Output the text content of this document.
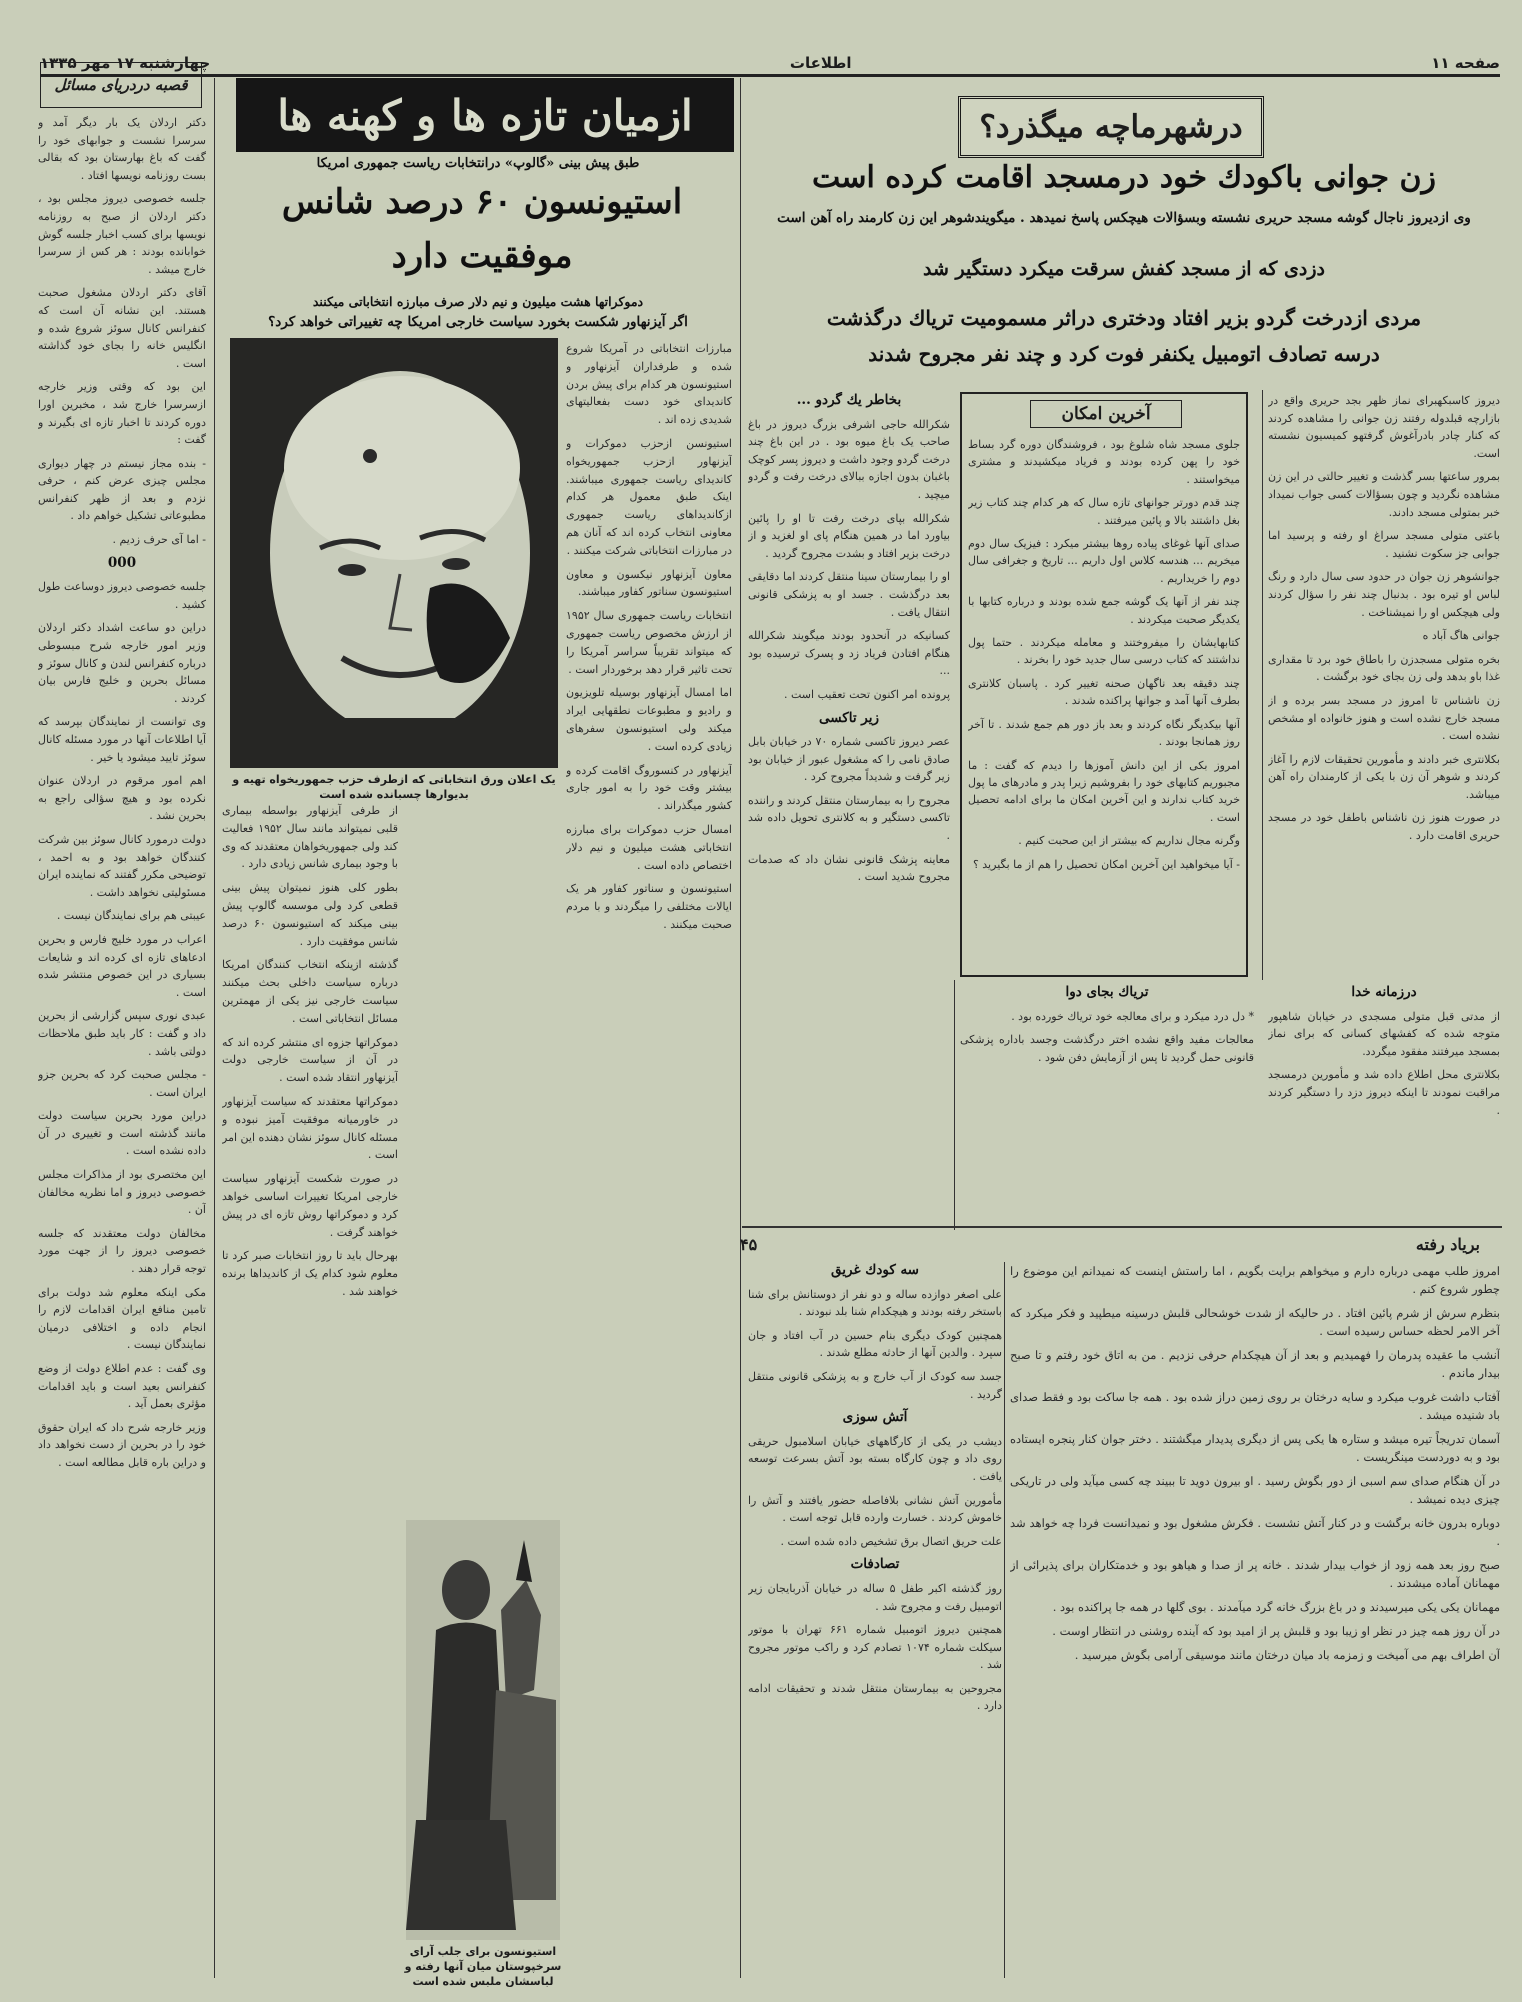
چهارشنبه ۱۷ مهر ۱۳۳۵	اطلاعات	صفحه ۱۱
قصبه دردریای مسائل

دکتر اردلان یک بار دیگر آمد و سرسرا نشست و جوابهای خود را گفت که باغ بهارستان بود که بقالی بست روزنامه نویسها افتاد .

جلسه خصوصی دیروز مجلس بود ، دکتر اردلان از صبح به روزنامه نویسها برای کسب اخبار جلسه گوش خوابانده بودند : هر کس از سرسرا خارج میشد .

آقای دکتر اردلان مشغول صحبت هستند. این نشانه آن است که کنفرانس کانال سوئز شروع شده و انگلیس خانه را بجای خود گذاشته است .

این بود که وقتی وزیر خارجه ازسرسرا خارج شد ، مخبرین اورا دوره کردند تا اخبار تازه ای بگیرند و گفت :

- بنده مجاز نیستم در چهار دیواری مجلس چیزی عرض کنم ، حرفی نزدم و بعد از ظهر کنفرانس مطبوعاتی تشکیل خواهم داد .

- اما آی حرف زدیم .

000

جلسه خصوصی دیروز دوساعت طول کشید .

دراین دو ساعت اشداد دکتر اردلان وزیر امور خارجه شرح مبسوطی درباره کنفرانس لندن و کانال سوئز و مسائل بحرین و خلیج فارس بیان کردند .

وی توانست از نمایندگان بپرسد که آیا اطلاعات آنها در مورد مسئله کانال سوئز تایید میشود یا خیر .

اهم امور مرقوم در اردلان عنوان نکرده بود و هیچ سؤالی راجع به بحرین نشد .

دولت درمورد کانال سوئز بین شرکت کنندگان خواهد بود و به احمد ، توضیحی مکرر گفتند که نماینده ایران مسئولیتی نخواهد داشت .

عیبتی هم برای نمایندگان نیست .

اعراب در مورد خلیج فارس و بحرین ادعاهای تازه ای کرده اند و شایعات بسیاری در این خصوص منتشر شده است .

عبدی نوری سپس گزارشی از بحرین داد و گفت : کار باید طبق ملاحظات دولتی باشد .

- مجلس صحبت کرد که بحرین جزو ایران است .

دراین مورد بحرین سیاست دولت مانند گذشته است و تغییری در آن داده نشده است .

این مختصری بود از مذاکرات مجلس خصوصی دیروز و اما نظریه مخالفان آن .

مخالفان دولت معتقدند که جلسه خصوصی دیروز را از جهت مورد توجه قرار دهند .

مکی اینکه معلوم شد دولت برای تامین منافع ایران اقدامات لازم را انجام داده و اختلافی درمیان نمایندگان نیست .

وی گفت : عدم اطلاع دولت از وضع کنفرانس بعید است و باید اقدامات مؤثری بعمل آید .

وزیر خارجه شرح داد که ایران حقوق خود را در بحرین از دست نخواهد داد و دراین باره قابل مطالعه است .

ازمیان تازه ها و کهنه ها
طبق پیش بینی «گالوپ» درانتخابات ریاست جمهوری امریکا
استیونسون ۶۰ درصد شانس
موفقیت دارد
دموکراتها هشت میلیون و نیم دلار صرف مبارزه انتخاباتی میکنند
اگر آیزنهاور شکست بخورد سیاست خارجی امریکا چه تغییراتی خواهد کرد؟
یک اعلان ورق انتخاباتی که ازطرف حزب جمهوریخواه تهیه و بدیوارها چسبانده شده است

مبارزات انتخاباتی در آمریکا شروع شده و طرفداران آیزنهاور و استیونسون هر کدام برای پیش بردن کاندیدای خود دست بفعالیتهای شدیدی زده اند .

استیونسن ازحزب دموکرات و آیزنهاور ازحزب جمهوریخواه کاندیدای ریاست جمهوری میباشند. اینک طبق معمول هر کدام ازکاندیداهای ریاست جمهوری معاونی انتخاب کرده اند که آنان هم در مبارزات انتخاباتی شرکت میکنند .

معاون آیزنهاور نیکسون و معاون استیونسون سناتور کفاور میباشند.

انتخابات ریاست جمهوری سال ۱۹۵۲ از ارزش مخصوص ریاست جمهوری که میتواند تقریباً سراسر آمریکا را تحت تاثیر قرار دهد برخوردار است .

اما امسال آیزنهاور بوسیله تلویزیون و رادیو و مطبوعات نطقهایی ایراد میکند ولی استیونسون سفرهای زیادی کرده است .

آیزنهاور در کنسوروگ اقامت کرده و بیشتر وقت خود را به امور جاری کشور میگذراند .

امسال حزب دموکرات برای مبارزه انتخاباتی هشت میلیون و نیم دلار اختصاص داده است .

استیونسون و سناتور کفاور هر یک ایالات مختلفی را میگردند و با مردم صحبت میکنند .

از طرفی آیزنهاور بواسطه بیماری قلبی نمیتواند مانند سال ۱۹۵۲ فعالیت کند ولی جمهوریخواهان معتقدند که وی با وجود بیماری شانس زیادی دارد .

بطور کلی هنوز نمیتوان پیش بینی قطعی کرد ولی موسسه گالوپ پیش بینی میکند که استیونسون ۶۰ درصد شانس موفقیت دارد .

گذشته ازینکه انتخاب کنندگان امریکا درباره سیاست داخلی بحث میکنند سیاست خارجی نیز یکی از مهمترین مسائل انتخاباتی است .

دموکراتها جزوه ای منتشر کرده اند که در آن از سیاست خارجی دولت آیزنهاور انتقاد شده است .

دموکراتها معتقدند که سیاست آیزنهاور در خاورمیانه موفقیت آمیز نبوده و مسئله کانال سوئز نشان دهنده این امر است .

در صورت شکست آیزنهاور سیاست خارجی امریکا تغییرات اساسی خواهد کرد و دموکراتها روش تازه ای در پیش خواهند گرفت .

بهرحال باید تا روز انتخابات صبر کرد تا معلوم شود کدام یک از کاندیداها برنده خواهند شد .

استیونسون برای جلب آرای سرخپوستان میان آنها رفته و لباسشان ملبس شده است
درشهرماچه میگذرد؟
زن جوانی باکودك خود درمسجد اقامت کرده است
وی ازدیروز ناجال گوشه مسجد حریری نشسته وبسؤالات هیچکس پاسخ نمیدهد . میگویندشوهر این زن کارمند راه آهن است
دزدی که از مسجد کفش سرقت میکرد دستگیر شد
مردی ازدرخت گردو بزیر افتاد ودختری دراثر مسمومیت تریاك درگذشت
درسه تصادف اتومبیل یکنفر فوت کرد و چند نفر مجروح شدند

دیروز کاسبکهبرای نماز ظهر بجد حریری واقع در بازارچه قبلدوله رفتند زن جوانی را مشاهده کردند که کنار چادر بادرآغوش گرفتهو کمیسیون نشسته است.

بمرور ساعتها بسر گذشت و تغییر حالتی در این زن مشاهده نگردید و چون بسؤالات کسی جواب نمیداد خبر بمتولی مسجد دادند.

باعتی متولی مسجد سراغ او رفته و پرسید اما جوابی جز سکوت نشنید .

جوانشوهر زن جوان در حدود سی سال دارد و رنگ لباس او تیره بود . بدنبال چند نفر را سؤال کردند ولی هیچکس او را نمیشناخت .

جوانی هاگ آباد ه

بخره متولی مسجدزن را باطاق خود برد تا مقداری غذا باو بدهد ولی زن بجای خود برگشت .

زن ناشناس تا امروز در مسجد بسر برده و از مسجد خارج نشده است و هنوز خانواده او مشخص نشده است .

بکلانتری خبر دادند و مأمورین تحقیقات لازم را آغاز کردند و شوهر آن زن با یکی از کارمندان راه آهن میباشد.

در صورت هنوز زن ناشناس باطفل خود در مسجد حریری اقامت دارد .

درزمانه خدا

از مدتی قبل متولی مسجدی در خیابان شاهپور متوجه شده که کفشهای کسانی که برای نماز بمسجد میرفتند مفقود میگردد.

بکلانتری محل اطلاع داده شد و مأمورین درمسجد مراقبت نمودند تا اینکه دیروز دزد را دستگیر کردند .

آخرین امکان

جلوی مسجد شاه شلوغ بود ، فروشندگان دوره گرد بساط خود را پهن کرده بودند و فریاد میکشیدند و مشتری میخواستند .

چند قدم دورتر جوانهای تازه سال که هر کدام چند کتاب زیر بغل داشتند بالا و پائین میرفتند .

صدای آنها غوغای پیاده روها بیشتر میکرد : فیزیک سال دوم میخریم ... هندسه کلاس اول داریم ... تاریخ و جغرافی سال دوم را خریداریم .

چند نفر از آنها یک گوشه جمع شده بودند و درباره کتابها با یکدیگر صحبت میکردند .

کتابهایشان را میفروختند و معامله میکردند . حتما پول نداشتند که کتاب درسی سال جدید خود را بخرند .

چند دقیقه بعد ناگهان صحنه تغییر کرد . پاسبان کلانتری بطرف آنها آمد و جوانها پراکنده شدند .

آنها بیکدیگر نگاه کردند و بعد باز دور هم جمع شدند . تا آخر روز همانجا بودند .

امروز بکی از این دانش آموزها را دیدم که گفت : ما مجبوریم کتابهای خود را بفروشیم زیرا پدر و مادرهای ما پول خرید کتاب ندارند و این آخرین امکان ما برای ادامه تحصیل است .

وگرنه مجال نداریم که بیشتر از این صحبت کنیم .

- آیا میخواهید این آخرین امکان تحصیل را هم از ما بگیرید ؟

تریاك بجای دوا

* دل درد میکرد و برای معالجه خود تریاك خورده بود .

معالجات مفید واقع نشده اختر درگذشت وجسد باداره پزشکی قانونی حمل گردید تا پس از آزمایش دفن شود .

بخاطر یك گردو ...

شکرالله حاجی اشرفی بزرگ دیروز در باغ صاحب یک باغ میوه بود . در این باغ چند درخت گردو وجود داشت و دیروز پسر کوچک باغبان بدون اجازه ببالای درخت رفت و گردو میچید .

شکرالله بپای درخت رفت تا او را پائین بیاورد اما در همین هنگام پای او لغزید و از درخت بزیر افتاد و بشدت مجروح گردید .

او را بیمارستان سینا منتقل کردند اما دقایقی بعد درگذشت . جسد او به پزشکی قانونی انتقال یافت .

کسانیکه در آنحدود بودند میگویند شکرالله هنگام افتادن فریاد زد و پسرک ترسیده بود ...

پرونده امر اکنون تحت تعقیب است .

زیر تاکسی

عصر دیروز تاکسی شماره ۷۰ در خیابان بابل صادق نامی را که مشغول عبور از خیابان بود زیر گرفت و شدیداً مجروح کرد .

مجروح را به بیمارستان منتقل کردند و راننده تاکسی دستگیر و به کلانتری تحویل داده شد .

معاینه پزشک قانونی نشان داد که صدمات مجروح شدید است .

بریاد رفته
۴۵

امروز طلب مهمی درباره دارم و میخواهم برایت بگویم ، اما راستش اینست که نمیدانم این موضوع را چطور شروع کنم .

بنظرم سرش از شرم پائین افتاد . در حالیکه از شدت خوشحالی قلبش درسینه میطپید و فکر میکرد که آخر الامر لحظه حساس رسیده است .

آنشب ما عقیده پدرمان را فهمیدیم و بعد از آن هیچکدام حرفی نزدیم . من به اتاق خود رفتم و تا صبح بیدار ماندم .

آفتاب داشت غروب میکرد و سایه درختان بر روی زمین دراز شده بود . همه جا ساکت بود و فقط صدای باد شنیده میشد .

آسمان تدریجاً تیره میشد و ستاره ها یکی پس از دیگری پدیدار میگشتند . دختر جوان کنار پنجره ایستاده بود و به دوردست مینگریست .

در آن هنگام صدای سم اسبی از دور بگوش رسید . او بیرون دوید تا ببیند چه کسی میآید ولی در تاریکی چیزی دیده نمیشد .

دوباره بدرون خانه برگشت و در کنار آتش نشست . فکرش مشغول بود و نمیدانست فردا چه خواهد شد .

صبح روز بعد همه زود از خواب بیدار شدند . خانه پر از صدا و هیاهو بود و خدمتکاران برای پذیرائی از مهمانان آماده میشدند .

مهمانان یکی یکی میرسیدند و در باغ بزرگ خانه گرد میآمدند . بوی گلها در همه جا پراکنده بود .

در آن روز همه چیز در نظر او زیبا بود و قلبش پر از امید بود که آینده روشنی در انتظار اوست .

آن اطراف بهم می آمیخت و زمزمه باد میان درختان مانند موسیقی آرامی بگوش میرسید .

سه کودك غریق

علی اصغر دوازده ساله و دو نفر از دوستانش برای شنا باستخر رفته بودند و هیچکدام شنا بلد نبودند .

همچنین کودک دیگری بنام حسین در آب افتاد و جان سپرد . والدین آنها از حادثه مطلع شدند .

جسد سه کودک از آب خارج و به پزشکی قانونی منتقل گردید .

آتش سوزی

دیشب در یکی از کارگاههای خیابان اسلامبول حریقی روی داد و چون کارگاه بسته بود آتش بسرعت توسعه یافت .

مأمورین آتش نشانی بلافاصله حضور یافتند و آتش را خاموش کردند . خسارت وارده قابل توجه است .

علت حریق اتصال برق تشخیص داده شده است .

تصادفات

روز گذشته اکبر طفل ۵ ساله در خیابان آذربایجان زیر اتومبیل رفت و مجروح شد .

همچنین دیروز اتومبیل شماره ۶۶۱ تهران با موتور سیکلت شماره ۱۰۷۴ تصادم کرد و راکب موتور مجروح شد .

مجروحین به بیمارستان منتقل شدند و تحقیقات ادامه دارد .
